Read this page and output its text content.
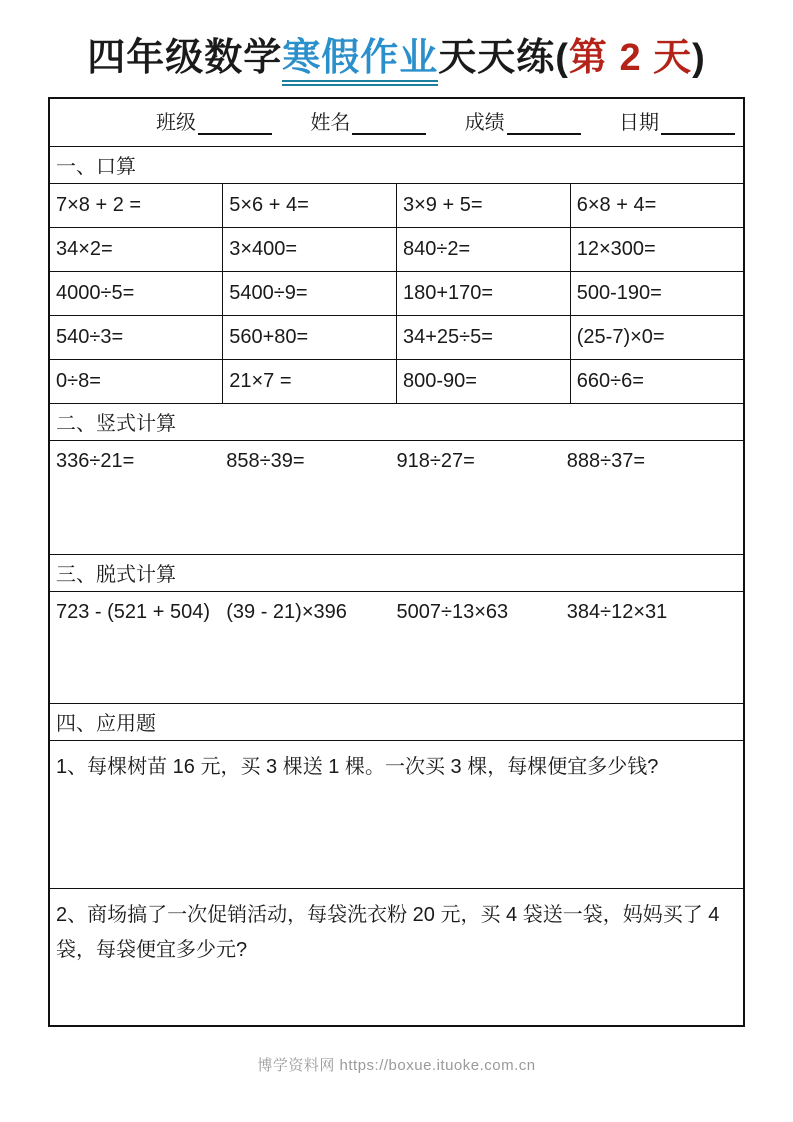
四年级数学寒假作业天天练(第 2 天)
班级 姓名 成绩 日期			

一、口算			
7×8 + 2 =	5×6 + 4=	3×9 + 5=	6×8 + 4=
34×2=	3×400=	840÷2=	12×300=
4000÷5=	5400÷9=	180+170=	500-190=
540÷3=	560+80=	34+25÷5=	(25-7)×0=
0÷8=	21×7 =	800-90=	660÷6=
二、竖式计算			

336÷21= 858÷39= 918÷27= 888÷37=			

三、脱式计算			

723 - (521 + 504) (39 - 21)×396 5007÷13×63 384÷12×31			

四、应用题			
1、每棵树苗 16 元，买 3 棵送 1 棵。一次买 3 棵，每棵便宜多少钱?			
2、商场搞了一次促销活动，每袋洗衣粉 20 元，买 4 袋送一袋，妈妈买了 4 袋，每袋便宜多少元?			
博学资料网 https://boxue.ituoke.com.cn
